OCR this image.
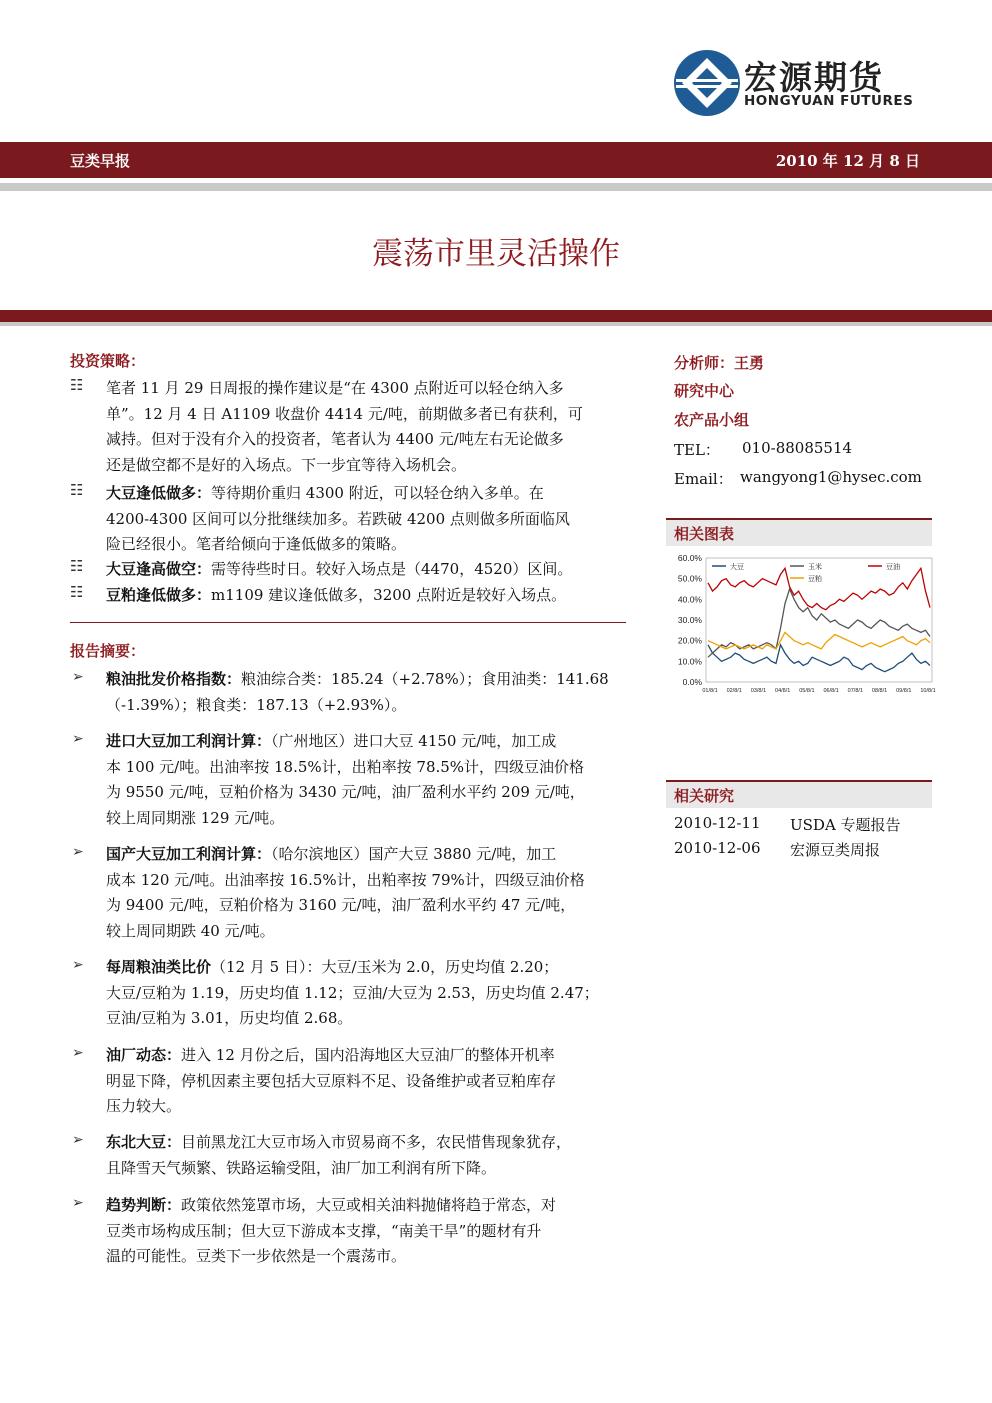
宏源期货
HONGYUAN FUTURES
豆类早报	2010 年 12 月 8 日
震荡市里灵活操作
投资策略：
报告摘要：
分析师：王勇
研究中心
农产品小组
TEL： 010-88085514
Email： wangyong1@hysec.com
相关图表
60.0%
50.0%
40.0%
30.0%
20.0%
10.0%
0.0%
01/8/1 02/8/1 03/8/1 04/8/1 05/8/1 06/8/1 07/8/1 08/8/1 09/8/1 10/8/1
大豆	玉米	豆油
豆粕
相关研究
2010-12-11 USDA 专题报告
2010-12-06 宏源豆类周报
☷ 笔者 11 月 29 日周报的操作建议是“在 4300 点附近可以轻仓纳入多
单”。12 月 4 日 A1109 收盘价 4414 元/吨，前期做多者已有获利，可
减持。但对于没有介入的投资者，笔者认为 4400 元/吨左右无论做多
还是做空都不是好的入场点。下一步宜等待入场机会。
☷ 大豆逢低做多：等待期价重归 4300 附近，可以轻仓纳入多单。在
4200-4300 区间可以分批继续加多。若跌破 4200 点则做多所面临风
险已经很小。笔者给倾向于逢低做多的策略。
☷ 大豆逢高做空：需等待些时日。较好入场点是（4470，4520）区间。
☷ 豆粕逢低做多：m1109 建议逢低做多，3200 点附近是较好入场点。
➢ 粮油批发价格指数：粮油综合类：185.24（+2.78%）；食用油类：141.68
（-1.39%）；粮食类：187.13（+2.93%）。
➢ 进口大豆加工利润计算：（广州地区）进口大豆 4150 元/吨，加工成
本 100 元/吨。出油率按 18.5%计，出粕率按 78.5%计，四级豆油价格
为 9550 元/吨，豆粕价格为 3430 元/吨，油厂盈利水平约 209 元/吨，
较上周同期涨 129 元/吨。
➢ 国产大豆加工利润计算：（哈尔滨地区）国产大豆 3880 元/吨，加工
成本 120 元/吨。出油率按 16.5%计，出粕率按 79%计，四级豆油价格
为 9400 元/吨，豆粕价格为 3160 元/吨，油厂盈利水平约 47 元/吨，
较上周同期跌 40 元/吨。
➢ 每周粮油类比价（12 月 5 日）：大豆/玉米为 2.0，历史均值 2.20；
大豆/豆粕为 1.19，历史均值 1.12；豆油/大豆为 2.53，历史均值 2.47；
豆油/豆粕为 3.01，历史均值 2.68。
➢ 油厂动态：进入 12 月份之后，国内沿海地区大豆油厂的整体开机率
明显下降，停机因素主要包括大豆原料不足、设备维护或者豆粕库存
压力较大。
➢ 东北大豆：目前黑龙江大豆市场入市贸易商不多，农民惜售现象犹存，
且降雪天气频繁、铁路运输受阻，油厂加工利润有所下降。
➢ 趋势判断：政策依然笼罩市场，大豆或相关油料抛储将趋于常态，对
豆类市场构成压制；但大豆下游成本支撑，“南美干旱”的题材有升
温的可能性。豆类下一步依然是一个震荡市。
